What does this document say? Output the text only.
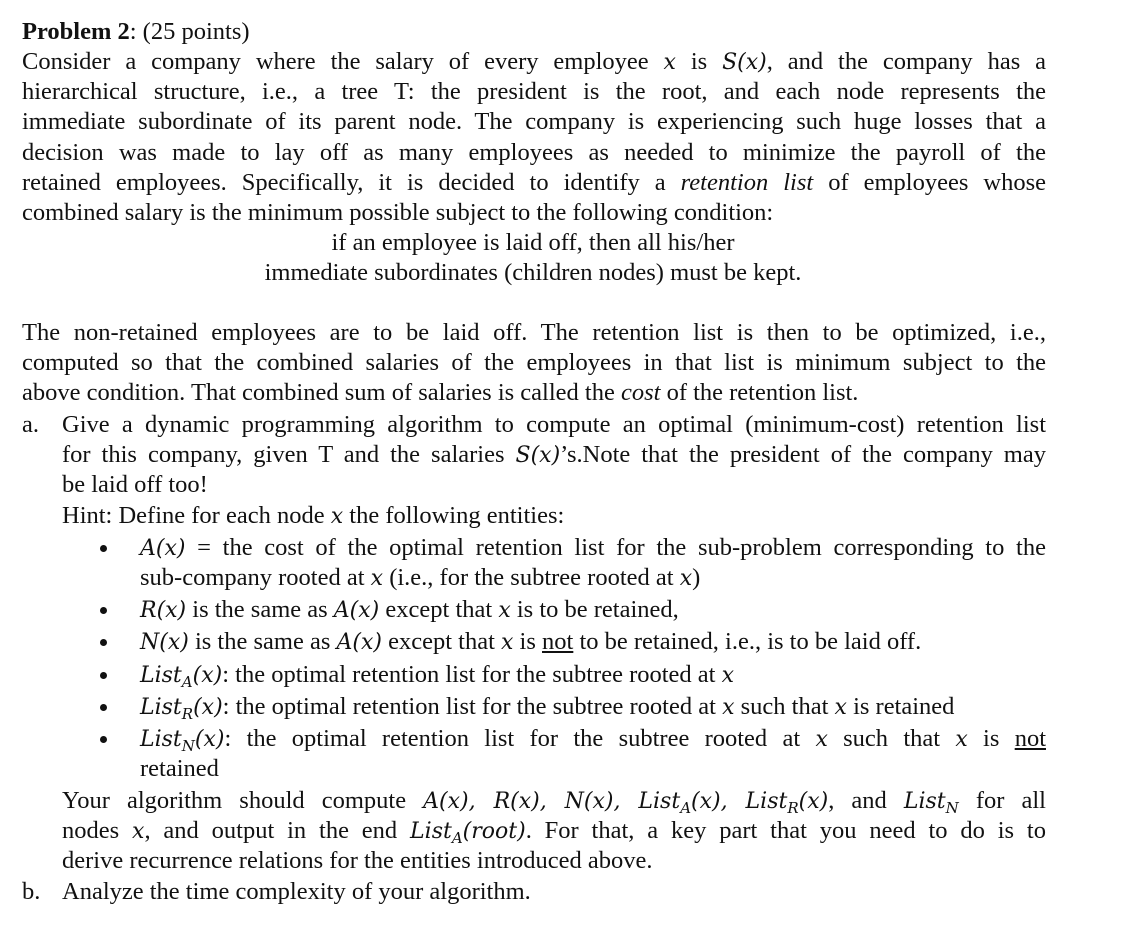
Problem 2: (25 points)
Consider a company where the salary of every employee x is S(x), and the company has a
hierarchical structure, i.e., a tree T: the president is the root, and each node represents the
immediate subordinate of its parent node. The company is experiencing such huge losses that a
decision was made to lay off as many employees as needed to minimize the payroll of the
retained employees. Specifically, it is decided to identify a retention list of employees whose
combined salary is the minimum possible subject to the following condition:
if an employee is laid off, then all his/her
immediate subordinates (children nodes) must be kept.
The non-retained employees are to be laid off. The retention list is then to be optimized, i.e.,
computed so that the combined salaries of the employees in that list is minimum subject to the
above condition. That combined sum of salaries is called the cost of the retention list.
a. Give a dynamic programming algorithm to compute an optimal (minimum-cost) retention list
for this company, given T and the salaries S(x)’s.Note that the president of the company may
be laid off too!
Hint: Define for each node x the following entities:
A(x) = the cost of the optimal retention list for the sub-problem corresponding to the
sub-company rooted at x (i.e., for the subtree rooted at x)
R(x) is the same as A(x) except that x is to be retained,
N(x) is the same as A(x) except that x is not to be retained, i.e., is to be laid off.
List$_A$(x): the optimal retention list for the subtree rooted at x
List$_R$(x): the optimal retention list for the subtree rooted at x such that x is retained
List$_N$(x): the optimal retention list for the subtree rooted at x such that x is not
retained
Your algorithm should compute A(x), R(x), N(x), List$_A$(x), List$_R$(x), and List$_N$ for all
nodes x, and output in the end List$_A$(root). For that, a key part that you need to do is to
derive recurrence relations for the entities introduced above.
b. Analyze the time complexity of your algorithm.
